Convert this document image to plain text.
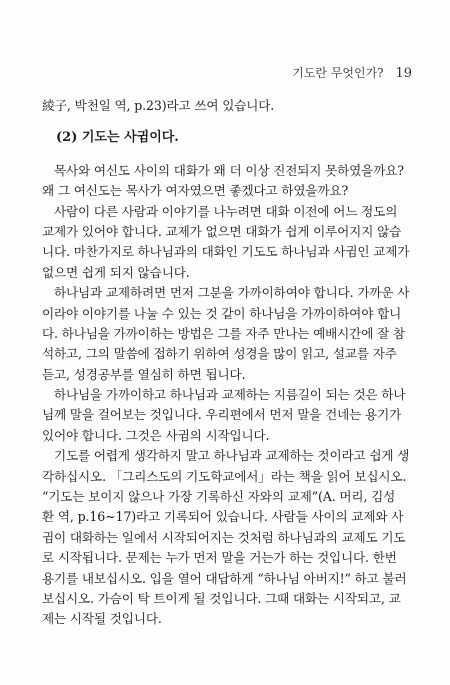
기도란 무엇인가? 19
綾子, 박천일 역, p.23)라고 쓰여 있습니다.
(2) 기도는 사귐이다.
목사와 여신도 사이의 대화가 왜 더 이상 진전되지 못하였을까요?
왜 그 여신도는 목사가 여자였으면 좋겠다고 하였을까요?
사람이 다른 사람과 이야기를 나누려면 대화 이전에 어느 정도의
교제가 있어야 합니다. 교제가 없으면 대화가 쉽게 이루어지지 않습
니다. 마찬가지로 하나님과의 대화인 기도도 하나님과 사귐인 교제가
없으면 쉽게 되지 않습니다.
하나님과 교제하려면 먼저 그분을 가까이하여야 합니다. 가까운 사
이라야 이야기를 나눌 수 있는 것 같이 하나님을 가까이하여야 합니
다. 하나님을 가까이하는 방법은 그를 자주 만나는 예배시간에 잘 참
석하고, 그의 말씀에 접하기 위하여 성경을 많이 읽고, 설교를 자주
듣고, 성경공부를 열심히 하면 됩니다.
하나님을 가까이하고 하나님과 교제하는 지름길이 되는 것은 하나
님께 말을 걸어보는 것입니다. 우리편에서 먼저 말을 건네는 용기가
있어야 합니다. 그것은 사귐의 시작입니다.
기도를 어렵게 생각하지 말고 하나님과 교제하는 것이라고 쉽게 생
각하십시오. 「그리스도의 기도학교에서」라는 책을 읽어 보십시오.
“기도는 보이지 않으나 가장 기록하신 자와의 교제”(A. 머리, 김성
환 역, p.16~17)라고 기록되어 있습니다. 사람들 사이의 교제와 사
귐이 대화하는 일에서 시작되어지는 것처럼 하나님과의 교제도 기도
로 시작됩니다. 문제는 누가 먼저 말을 거는가 하는 것입니다. 한번
용기를 내보십시오. 입을 열어 대답하게 “하나님 아버지!” 하고 불러
보십시오. 가슴이 탁 트이게 될 것입니다. 그때 대화는 시작되고, 교
제는 시작될 것입니다.
